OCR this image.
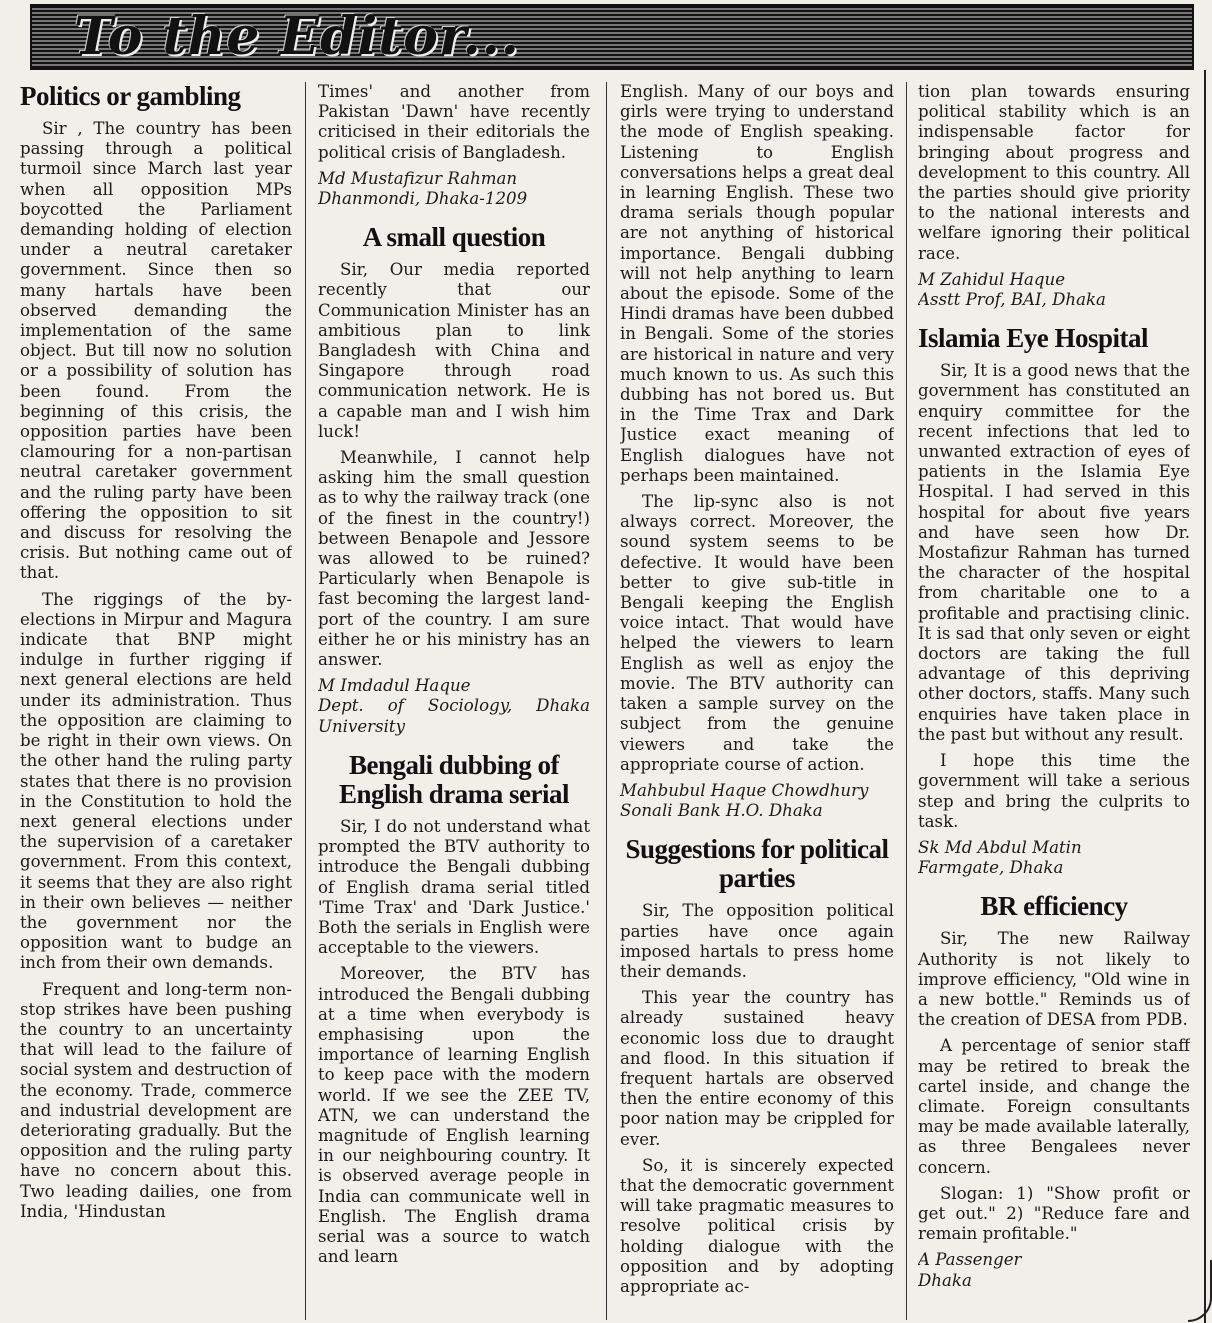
To the Editor...
Politics or gambling

Sir , The country has been passing through a political turmoil since March last year when all opposition MPs boycotted the Parliament demanding holding of election under a neutral caretaker government. Since then so many hartals have been observed demanding the implementation of the same object. But till now no solution or a possibility of solution has been found. From the beginning of this crisis, the opposition parties have been clamouring for a non-partisan neutral caretaker government and the ruling party have been offering the opposition to sit and discuss for resolving the crisis. But nothing came out of that.

The riggings of the by-elections in Mirpur and Magura indicate that BNP might indulge in further rigging if next general elections are held under its administration. Thus the opposition are claiming to be right in their own views. On the other hand the ruling party states that there is no provision in the Constitution to hold the next general elections under the supervision of a caretaker government. From this context, it seems that they are also right in their own believes — neither the government nor the opposition want to budge an inch from their own demands.

Frequent and long-term non-stop strikes have been pushing the country to an uncertainty that will lead to the failure of social system and destruction of the economy. Trade, commerce and industrial development are deteriorating gradually. But the opposition and the ruling party have no concern about this. Two leading dailies, one from India, 'Hindustan

Times' and another from Pakistan 'Dawn' have recently criticised in their editorials the political crisis of Bangladesh.

Md Mustafizur Rahman
Dhanmondi, Dhaka-1209
A small question

Sir, Our media reported recently that our Communication Minister has an ambitious plan to link Bangladesh with China and Singapore through road communication network. He is a capable man and I wish him luck!

Meanwhile, I cannot help asking him the small question as to why the railway track (one of the finest in the country!) between Benapole and Jessore was allowed to be ruined? Particularly when Benapole is fast becoming the largest land-port of the country. I am sure either he or his ministry has an answer.

M Imdadul Haque
Dept. of Sociology, Dhaka University
Bengali dubbing of English drama serial

Sir, I do not understand what prompted the BTV authority to introduce the Bengali dubbing of English drama serial titled 'Time Trax' and 'Dark Justice.' Both the serials in English were acceptable to the viewers.

Moreover, the BTV has introduced the Bengali dubbing at a time when everybody is emphasising upon the importance of learning English to keep pace with the modern world. If we see the ZEE TV, ATN, we can understand the magnitude of English learning in our neighbouring country. It is observed average people in India can communicate well in English. The English drama serial was a source to watch and learn

English. Many of our boys and girls were trying to understand the mode of English speaking. Listening to English conversations helps a great deal in learning English. These two drama serials though popular are not anything of historical importance. Bengali dubbing will not help anything to learn about the episode. Some of the Hindi dramas have been dubbed in Bengali. Some of the stories are historical in nature and very much known to us. As such this dubbing has not bored us. But in the Time Trax and Dark Justice exact meaning of English dialogues have not perhaps been maintained.

The lip-sync also is not always correct. Moreover, the sound system seems to be defective. It would have been better to give sub-title in Bengali keeping the English voice intact. That would have helped the viewers to learn English as well as enjoy the movie. The BTV authority can taken a sample survey on the subject from the genuine viewers and take the appropriate course of action.

Mahbubul Haque Chowdhury
Sonali Bank H.O. Dhaka
Suggestions for political parties

Sir, The opposition political parties have once again imposed hartals to press home their demands.

This year the country has already sustained heavy economic loss due to draught and flood. In this situation if frequent hartals are observed then the entire economy of this poor nation may be crippled for ever.

So, it is sincerely expected that the democratic government will take pragmatic measures to resolve political crisis by holding dialogue with the opposition and by adopting appropriate ac-

tion plan towards ensuring political stability which is an indispensable factor for bringing about progress and development to this country. All the parties should give priority to the national interests and welfare ignoring their political race.

M Zahidul Haque
Asstt Prof, BAI, Dhaka
Islamia Eye Hospital

Sir, It is a good news that the government has constituted an enquiry committee for the recent infections that led to unwanted extraction of eyes of patients in the Islamia Eye Hospital. I had served in this hospital for about five years and have seen how Dr. Mostafizur Rahman has turned the character of the hospital from charitable one to a profitable and practising clinic. It is sad that only seven or eight doctors are taking the full advantage of this depriving other doctors, staffs. Many such enquiries have taken place in the past but without any result.

I hope this time the government will take a serious step and bring the culprits to task.

Sk Md Abdul Matin
Farmgate, Dhaka
BR efficiency

Sir, The new Railway Authority is not likely to improve efficiency, "Old wine in a new bottle." Reminds us of the creation of DESA from PDB.

A percentage of senior staff may be retired to break the cartel inside, and change the climate. Foreign consultants may be made available laterally, as three Bengalees never concern.

Slogan: 1) "Show profit or get out." 2) "Reduce fare and remain profitable."

A Passenger
Dhaka
